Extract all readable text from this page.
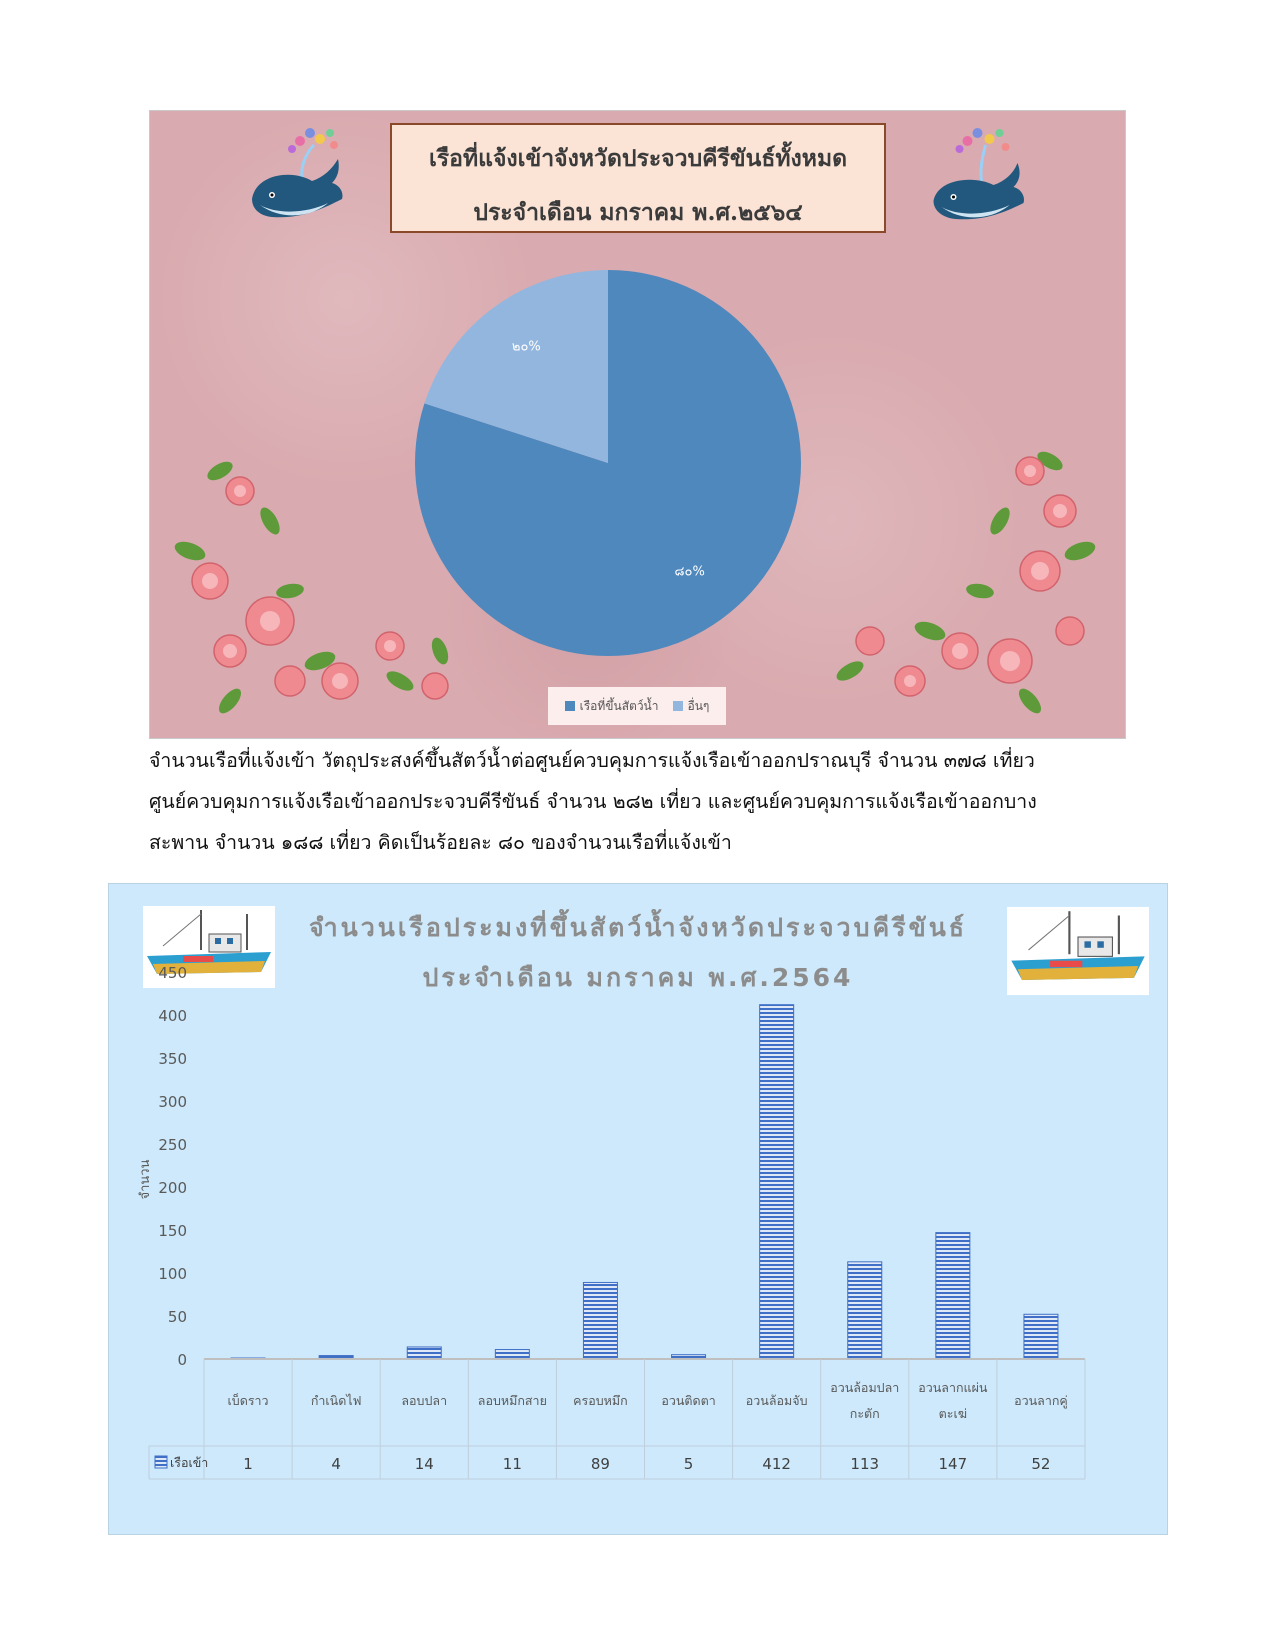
เรือที่แจ้งเข้าจังหวัดประจวบคีรีขันธ์ทั้งหมด
ประจำเดือน มกราคม พ.ศ.๒๕๖๔
๘๐%
๒๐%
เรือที่ขึ้นสัตว์น้ำ อื่นๆ
จำนวนเรือที่แจ้งเข้า วัตถุประสงค์ขึ้นสัตว์น้ำต่อศูนย์ควบคุมการแจ้งเรือเข้าออกปราณบุรี จำนวน ๓๗๘ เที่ยว
ศูนย์ควบคุมการแจ้งเรือเข้าออกประจวบคีรีขันธ์ จำนวน ๒๘๒ เที่ยว และศูนย์ควบคุมการแจ้งเรือเข้าออกบาง
สะพาน จำนวน ๑๘๘ เที่ยว คิดเป็นร้อยละ ๘๐ ของจำนวนเรือที่แจ้งเข้า
จำนวนเรือประมงที่ขึ้นสัตว์น้ำจังหวัดประจวบคีรีขันธ์
ประจำเดือน มกราคม พ.ศ.2564
0
50
100
150
200
250
300
350
400
450
จำนวน
เบ็ดราว
1
กำเนิดไฟ
4
ลอบปลา
14
ลอบหมึกสาย
11
ครอบหมึก
89
อวนติดตา
5
อวนล้อมจับ
412
อวนล้อมปลา
กะตัก
113
อวนลากแผ่น
ตะเฆ่
147
อวนลากคู่
52
เรือเข้า
